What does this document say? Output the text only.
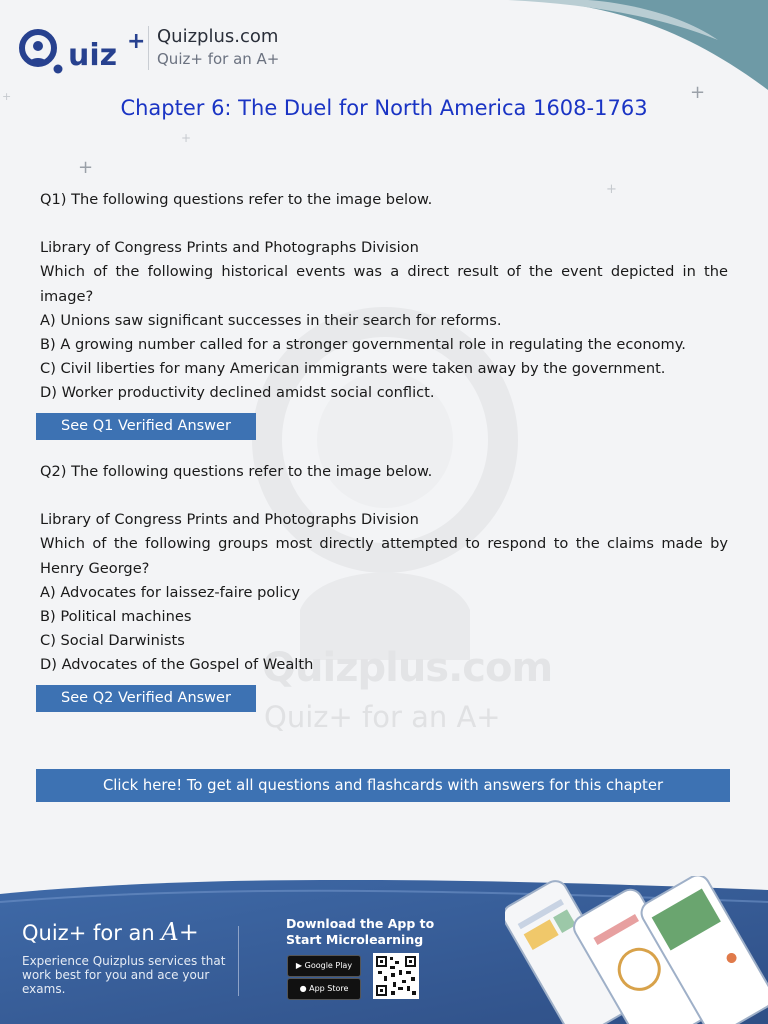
Quizplus.com
Quiz+ for an A+
+
+
+
+
+
uiz + Quizplus.com
Quiz+ for an A+
Chapter 6: The Duel for North America 1608-1763

Q1) The following questions refer to the image below.

Library of Congress Prints and Photographs Division

Which of the following historical events was a direct result of the event depicted in the image?

A) Unions saw significant successes in their search for reforms.

B) A growing number called for a stronger governmental role in regulating the economy.

C) Civil liberties for many American immigrants were taken away by the government.

D) Worker productivity declined amidst social conflict.

See Q1 Verified Answer

Q2) The following questions refer to the image below.

Library of Congress Prints and Photographs Division

Which of the following groups most directly attempted to respond to the claims made by Henry George?

A) Advocates for laissez-faire policy

B) Political machines

C) Social Darwinists

D) Advocates of the Gospel of Wealth

See Q2 Verified Answer
Click here! To get all questions and flashcards with answers for this chapter
Quiz+ for an A+
Experience Quizplus services that work best for you and ace your exams.
Download the App to Start Microlearning
▶ Google Play
● App Store
